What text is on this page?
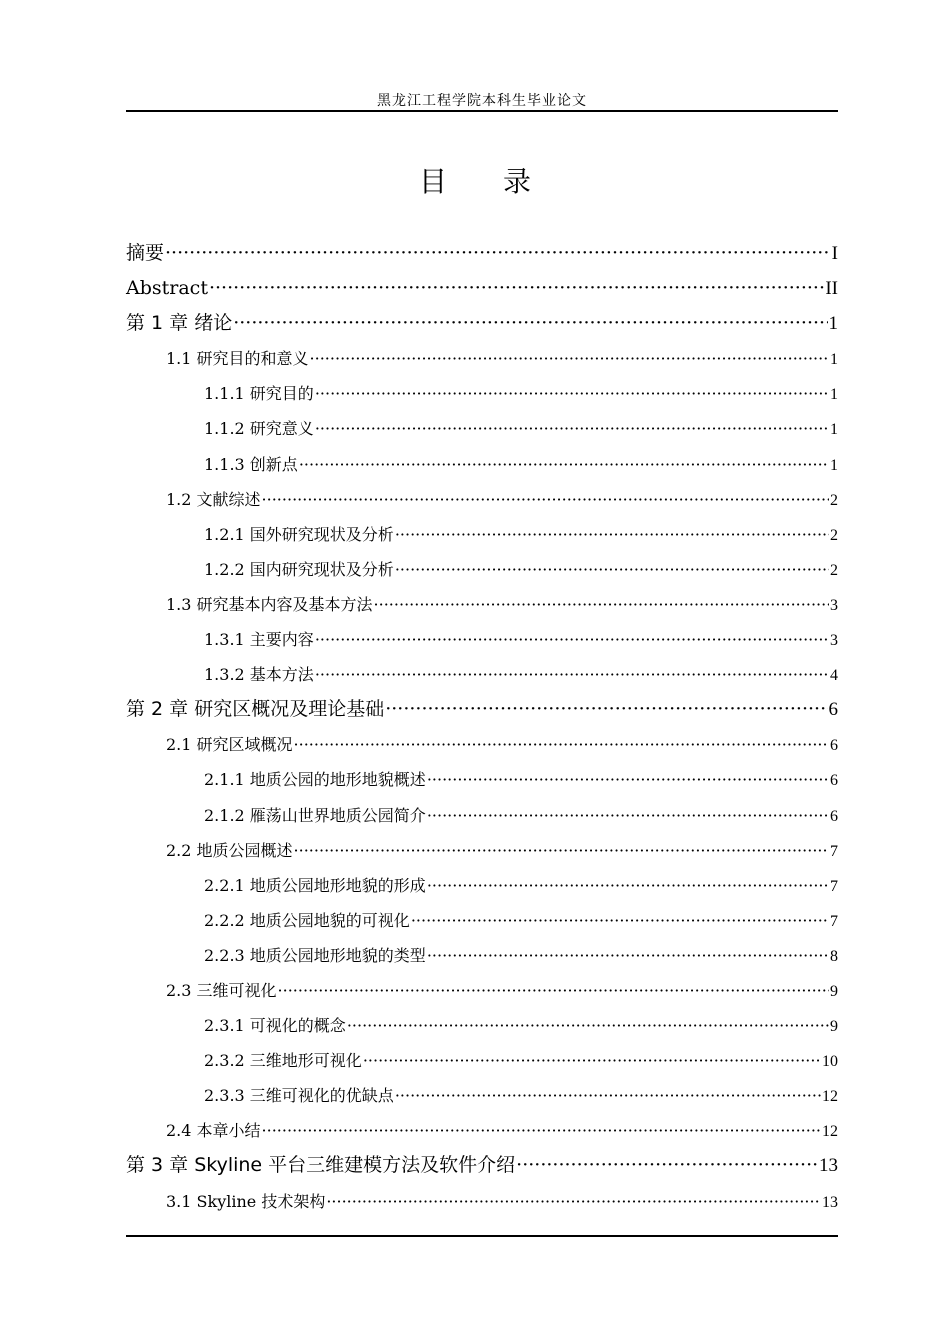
黑龙江工程学院本科生毕业论文
目录
摘要 ·····	I
Abstract ·····	II
第 1 章 绪论 ·····	1
1.1 研究目的和意义 ·····	1
1.1.1 研究目的 ·····	1
1.1.2 研究意义 ·····	1
1.1.3 创新点 ·····	1
1.2 文献综述 ·····	2
1.2.1 国外研究现状及分析 ·····	2
1.2.2 国内研究现状及分析 ·····	2
1.3 研究基本内容及基本方法 ·····	3
1.3.1 主要内容 ·····	3
1.3.2 基本方法 ·····	4
第 2 章 研究区概况及理论基础 ·····	6
2.1 研究区域概况 ·····	6
2.1.1 地质公园的地形地貌概述 ·····	6
2.1.2 雁荡山世界地质公园简介 ·····	6
2.2 地质公园概述 ·····	7
2.2.1 地质公园地形地貌的形成 ·····	7
2.2.2 地质公园地貌的可视化 ·····	7
2.2.3 地质公园地形地貌的类型 ·····	8
2.3 三维可视化 ·····	9
2.3.1 可视化的概念 ·····	9
2.3.2 三维地形可视化 ·····	10
2.3.3 三维可视化的优缺点 ·····	12
2.4 本章小结 ·····	12
第 3 章 Skyline 平台三维建模方法及软件介绍 ·····	13
3.1 Skyline 技术架构 ·····	13
